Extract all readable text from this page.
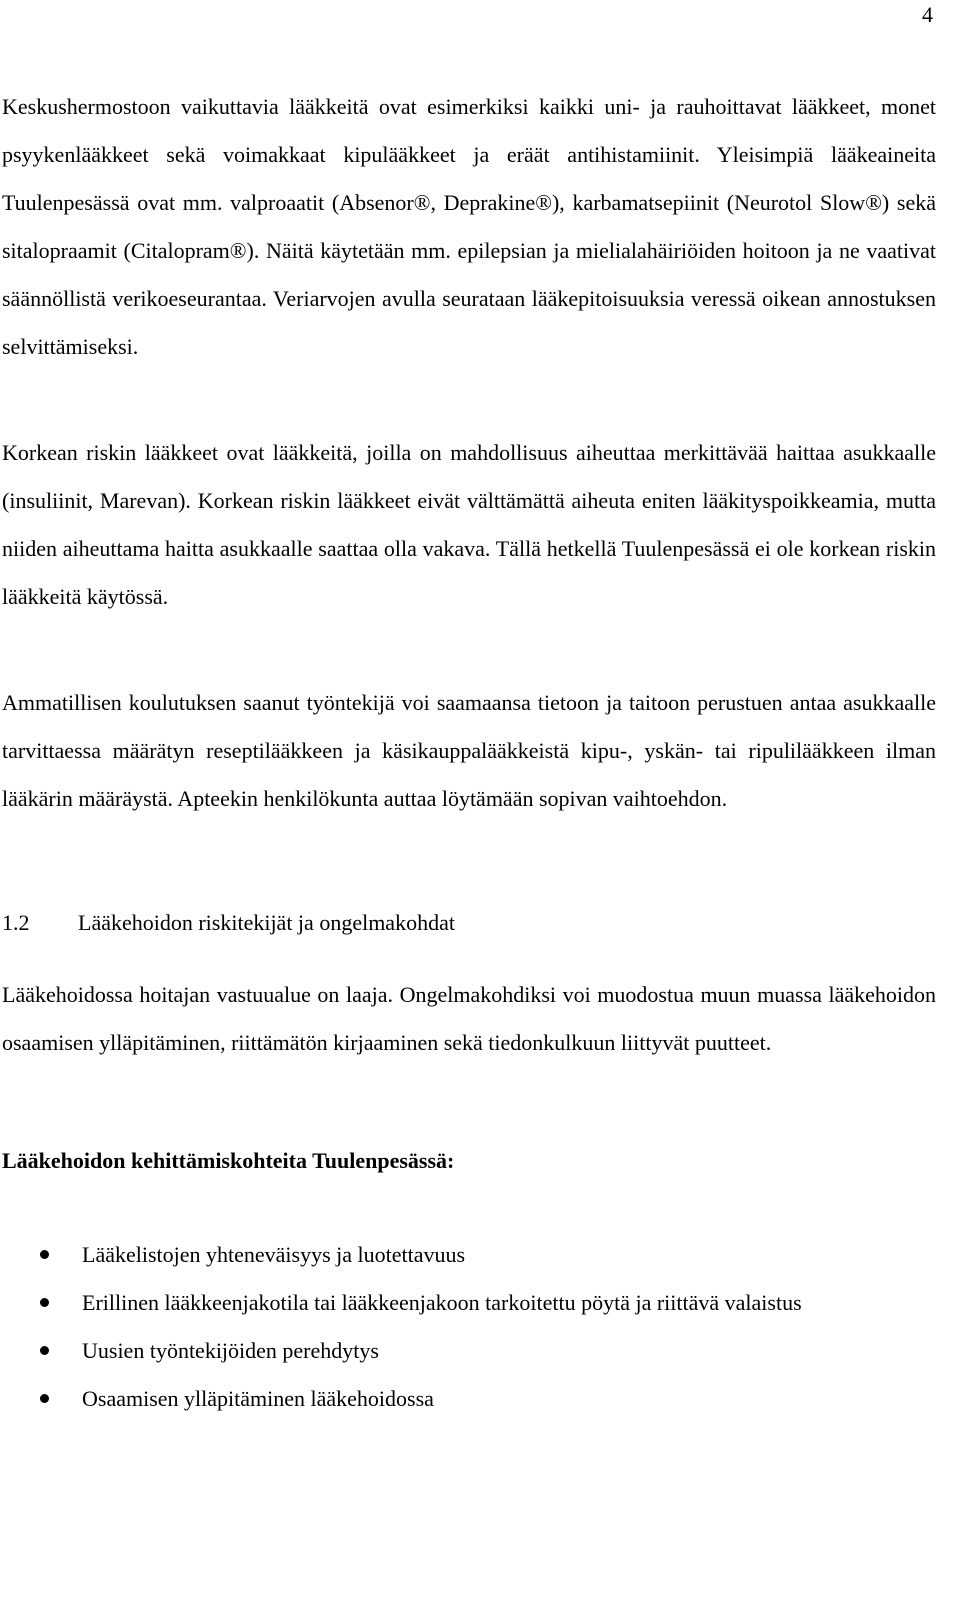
4

Keskushermostoon vaikuttavia lääkkeitä ovat esimerkiksi kaikki uni- ja rauhoittavat lääkkeet, monet psyykenlääkkeet sekä voimakkaat kipulääkkeet ja eräät antihistamiinit. Yleisimpiä lääkeaineita Tuulenpesässä ovat mm. valproaatit (Absenor®, Deprakine®), karbamatsepiinit (Neurotol Slow®) sekä sitalopraamit (Citalopram®). Näitä käytetään mm. epilepsian ja mielialahäiriöiden hoitoon ja ne vaativat säännöllistä verikoeseurantaa. Veriarvojen avulla seurataan lääkepitoisuuksia veressä oikean annostuksen selvittämiseksi.

Korkean riskin lääkkeet ovat lääkkeitä, joilla on mahdollisuus aiheuttaa merkittävää haittaa asukkaalle (insuliinit, Marevan). Korkean riskin lääkkeet eivät välttämättä aiheuta eniten lääkityspoikkeamia, mutta niiden aiheuttama haitta asukkaalle saattaa olla vakava. Tällä hetkellä Tuulenpesässä ei ole korkean riskin lääkkeitä käytössä.

Ammatillisen koulutuksen saanut työntekijä voi saamaansa tietoon ja taitoon perustuen antaa asukkaalle tarvittaessa määrätyn reseptilääkkeen ja käsikauppalääkkeistä kipu-, yskän- tai ripulilääkkeen ilman lääkärin määräystä. Apteekin henkilökunta auttaa löytämään sopivan vaihtoehdon.

1.2 Lääkehoidon riskitekijät ja ongelmakohdat

Lääkehoidossa hoitajan vastuualue on laaja. Ongelmakohdiksi voi muodostua muun muassa lääkehoidon osaamisen ylläpitäminen, riittämätön kirjaaminen sekä tiedonkulkuun liittyvät puutteet.

Lääkehoidon kehittämiskohteita Tuulenpesässä:

Lääkelistojen yhteneväisyys ja luotettavuus
Erillinen lääkkeenjakotila tai lääkkeenjakoon tarkoitettu pöytä ja riittävä valaistus
Uusien työntekijöiden perehdytys
Osaamisen ylläpitäminen lääkehoidossa
